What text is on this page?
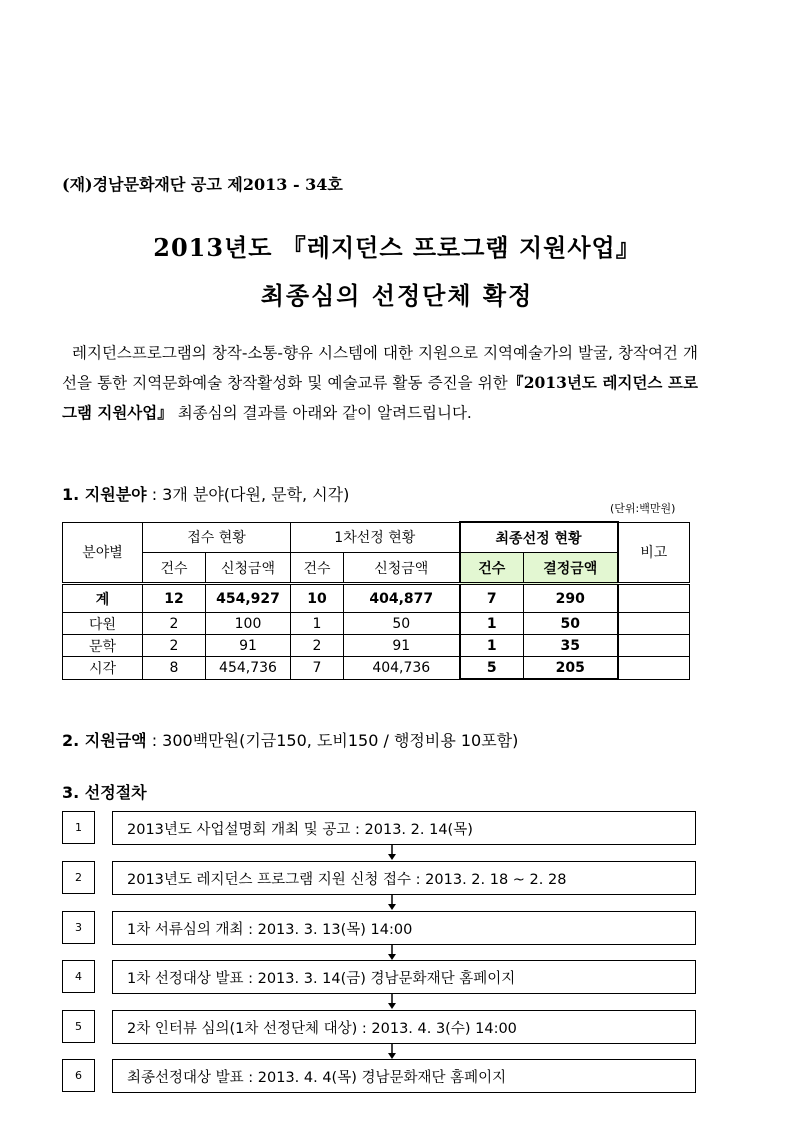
(재)경남문화재단 공고 제2013 - 34호
2013년도 『레지던스 프로그램 지원사업』
최종심의 선정단체 확정
레지던스프로그램의 창작-소통-향유 시스템에 대한 지원으로 지역예술가의 발굴, 창작여건 개선을 통한 지역문화예술 창작활성화 및 예술교류 활동 증진을 위한『2013년도 레지던스 프로그램 지원사업』 최종심의 결과를 아래와 같이 알려드립니다.
1. 지원분야 : 3개 분야(다원, 문학, 시각)
(단위:백만원)
분야별	접수 현황		1차선정 현황		최종선정 현황		비고
	건수	신청금액	건수	신청금액	건수	결정금액	
계	12	454,927	10	404,877	7	290	
다원	2	100	1	50	1	50	
문학	2	91	2	91	1	35	
시각	8	454,736	7	404,736	5	205	
2. 지원금액 : 300백만원(기금150, 도비150 / 행정비용 10포함)
3. 선정절차
1	2013년도 사업설명회 개최 및 공고 : 2013. 2. 14(목)
2	2013년도 레지던스 프로그램 지원 신청 접수 : 2013. 2. 18 ~ 2. 28
3	1차 서류심의 개최 : 2013. 3. 13(목) 14:00
4	1차 선정대상 발표 : 2013. 3. 14(금) 경남문화재단 홈페이지
5	2차 인터뷰 심의(1차 선정단체 대상) : 2013. 4. 3(수) 14:00
6	최종선정대상 발표 : 2013. 4. 4(목) 경남문화재단 홈페이지
